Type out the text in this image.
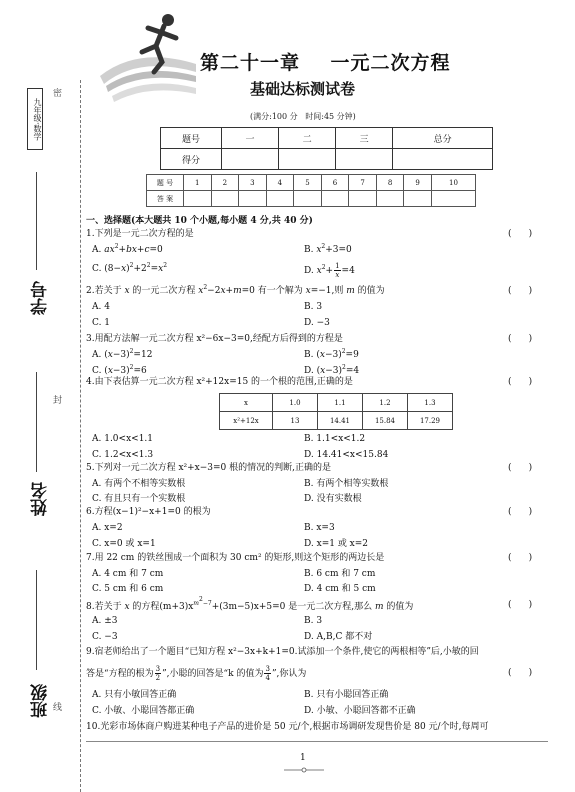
九年级·数学
密
封
线
学号
姓名
班级
第二十一章    一元二次方程
基础达标测试卷
(满分:100 分   时间:45 分钟)
题号	一	二	三	总分
得分				
题 号	1	2	3	4	5	6	7	8	9	10
答 案										
一、选择题(本大题共 10 个小题,每小题 4 分,共 40 分)
1.下列是一元二次方程的是	(      )
A. $ax^2+bx+c=0$	B. $x^2+3=0$
C. $(8-x)^2+2^2=x^2$
D. $x^2+ \frac{1}{x} =4$
2.若关于 x 的一元二次方程 $x^2-2x+m=0$ 有一个解为 x=−1,则 m 的值为	(      )
A. 4	B. 3
C. 1	D. −3
3.用配方法解一元二次方程 x²−6x−3=0,经配方后得到的方程是	(      )
A. $(x-3)^2=12$	B. $(x-3)^2=9$
C. $(x-3)^2=6$	D. $(x-3)^2=4$
4.由下表估算一元二次方程 x²+12x=15 的一个根的范围,正确的是	(      )
x	1.0	1.1	1.2	1.3
x²+12x	13	14.41	15.84	17.29
A. 1.0<x<1.1	B. 1.1<x<1.2
C. 1.2<x<1.3	D. 14.41<x<15.84
5.下列对一元二次方程 x²+x−3=0 根的情况的判断,正确的是	(      )
A. 有两个不相等实数根	B. 有两个相等实数根
C. 有且只有一个实数根	D. 没有实数根
6.方程(x−1)²−x+1=0 的根为	(      )
A. x=2	B. x=3
C. x=0 或 x=1	D. x=1 或 x=2
7.用 22 cm 的铁丝围成一个面积为 30 cm² 的矩形,则这个矩形的两边长是	(      )
A. 4 cm 和 7 cm	B. 6 cm 和 7 cm
C. 5 cm 和 6 cm	D. 4 cm 和 5 cm
8.若关于 x 的方程$(m+3)x^{m^2-7}+(3m-5)x+5=0$ 是一元二次方程,那么 m 的值为	(      )
A. ±3	B. 3
C. −3	D. A,B,C 都不对
9.宿老师给出了一个题目“已知方程 x²−3x+k+1=0.试添加一个条件,使它的两根相等”后,小敏的回
答是“方程的根为 $\frac{3}{2}$ ”,小聪的回答是“k 的值为 $\frac{3}{4}$ ”,你认为	(      )
A. 只有小敏回答正确	B. 只有小聪回答正确
C. 小敏、小聪回答都正确	D. 小敏、小聪回答都不正确
10.光彩市场体商户购进某种电子产品的进价是 50 元/个,根据市场调研发现售价是 80 元/个时,每周可
1
